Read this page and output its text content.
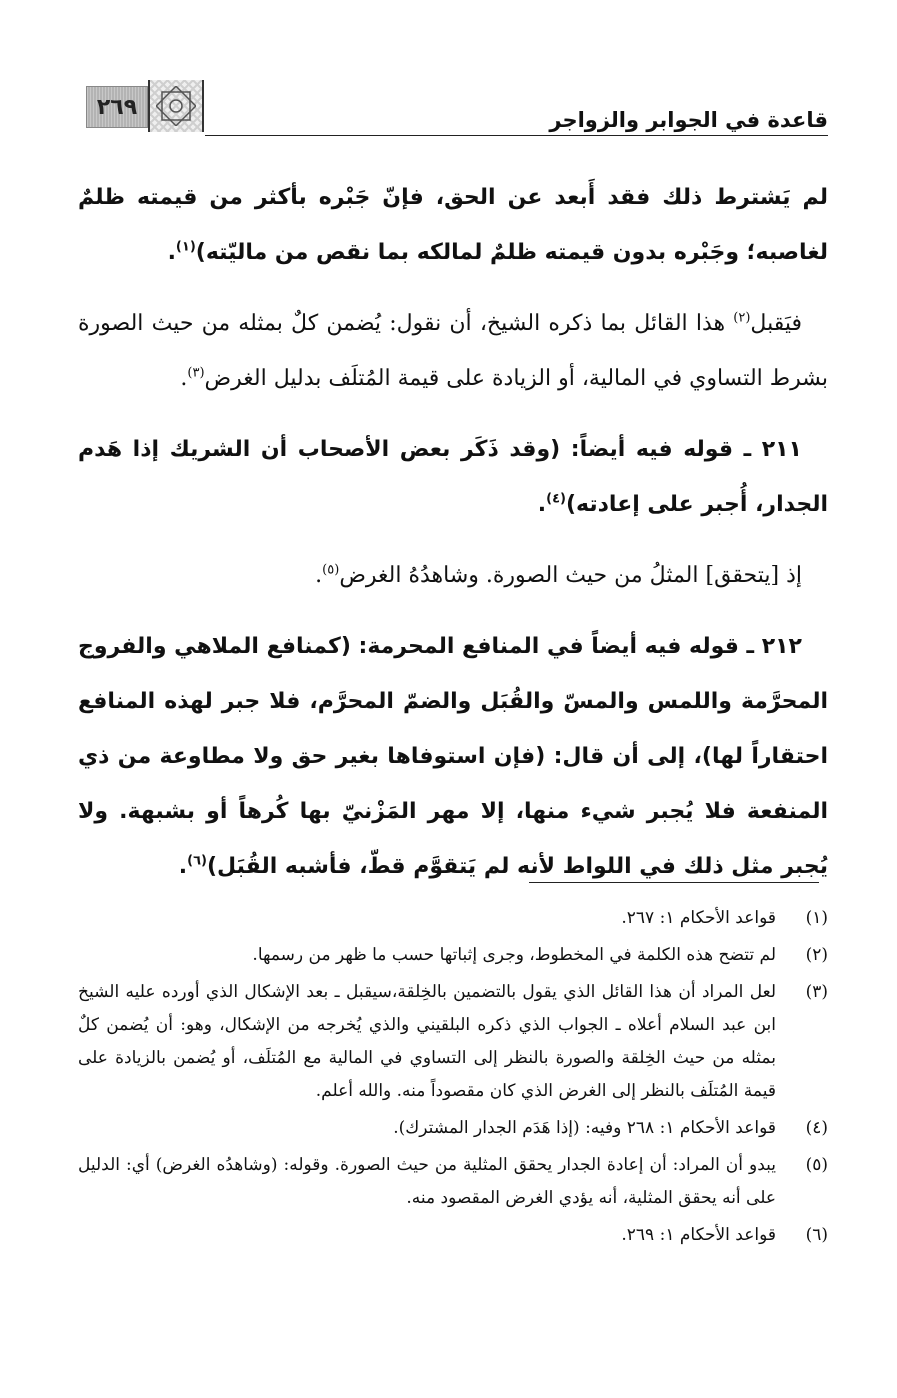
قاعدة في الجوابر والزواجر
٢٦٩

لم يَشترط ذلك فقد أَبعد عن الحق، فإنّ جَبْره بأكثر من قيمته ظلمٌ لغاصبه؛ وجَبْره بدون قيمته ظلمٌ لمالكه بما نقص من ماليّته)$^{(١)}$.

فيَقبل$^{(٢)}$ هذا القائل بما ذكره الشيخ، أن نقول: يُضمن كلٌ بمثله من حيث الصورة بشرط التساوي في المالية، أو الزيادة على قيمة المُتلَف بدليل الغرض$^{(٣)}$.

٢١١ ـ قوله فيه أيضاً: (وقد ذَكَر بعض الأصحاب أن الشريك إذا هَدم الجدار، أُجبر على إعادته)$^{(٤)}$.

إذ [يتحقق] المثلُ من حيث الصورة. وشاهدُهُ الغرض$^{(٥)}$.

٢١٢ ـ قوله فيه أيضاً في المنافع المحرمة: (كمنافع الملاهي والفروج المحرَّمة واللمس والمسّ والقُبَل والضمّ المحرَّم، فلا جبر لهذه المنافع احتقاراً لها)، إلى أن قال: (فإن استوفاها بغير حق ولا مطاوعة من ذي المنفعة فلا يُجبر شيء منها، إلا مهر المَزْنيّ بها كُرهاً أو بشبهة. ولا يُجبر مثل ذلك في اللواط لأنه لم يَتقوَّم قطّ، فأشبه القُبَل)$^{(٦)}$.

(١)
قواعد الأحكام ١: ٢٦٧.
(٢)
لم تتضح هذه الكلمة في المخطوط، وجرى إثباتها حسب ما ظهر من رسمها.
(٣)
لعل المراد أن هذا القائل الذي يقول بالتضمين بالخِلقة،سيقبل ـ بعد الإشكال الذي أورده عليه الشيخ ابن عبد السلام أعلاه ـ الجواب الذي ذكره البلقيني والذي يُخرجه من الإشكال، وهو: أن يُضمن كلٌ بمثله من حيث الخِلقة والصورة بالنظر إلى التساوي في المالية مع المُتلَف، أو يُضمن بالزيادة على قيمة المُتلَف بالنظر إلى الغرض الذي كان مقصوداً منه. والله أعلم.
(٤)
قواعد الأحكام ١: ٢٦٨ وفيه: (إذا هَدَم الجدار المشترك).
(٥)
يبدو أن المراد: أن إعادة الجدار يحقق المثلية من حيث الصورة. وقوله: (وشاهدُه الغرض) أي: الدليل على أنه يحقق المثلية، أنه يؤدي الغرض المقصود منه.
(٦)
قواعد الأحكام ١: ٢٦٩.
